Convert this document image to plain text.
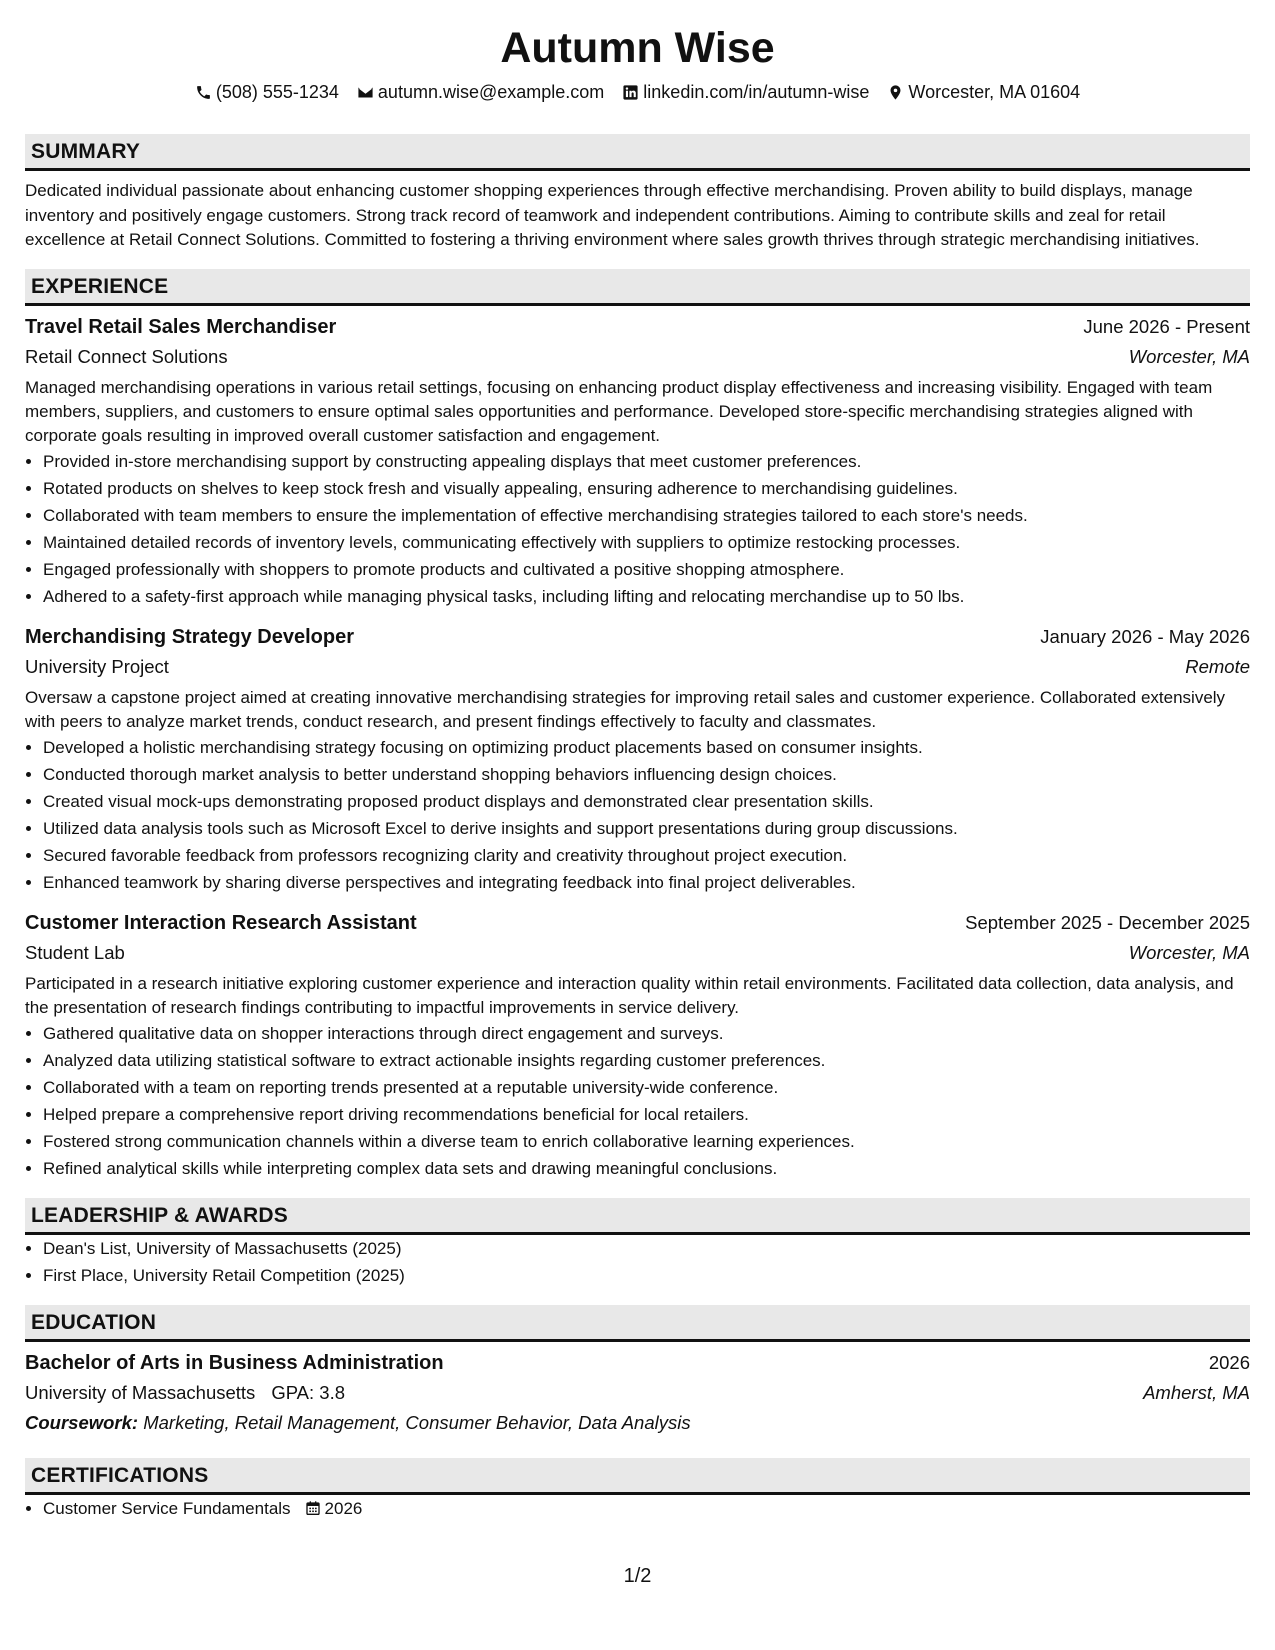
Autumn Wise
(508) 555-1234 autumn.wise@example.com linkedin.com/in/autumn-wise Worcester, MA 01604
SUMMARY

Dedicated individual passionate about enhancing customer shopping experiences through effective merchandising. Proven ability to build displays, manage inventory and positively engage customers. Strong track record of teamwork and independent contributions. Aiming to contribute skills and zeal for retail excellence at Retail Connect Solutions. Committed to fostering a thriving environment where sales growth thrives through strategic merchandising initiatives.

EXPERIENCE
Travel Retail Sales Merchandiser	June 2026 - Present
Retail Connect Solutions	Worcester, MA
Managed merchandising operations in various retail settings, focusing on enhancing product display effectiveness and increasing visibility. Engaged with team members, suppliers, and customers to ensure optimal sales opportunities and performance. Developed store-specific merchandising strategies aligned with corporate goals resulting in improved overall customer satisfaction and engagement.
• Provided in-store merchandising support by constructing appealing displays that meet customer preferences.
• Rotated products on shelves to keep stock fresh and visually appealing, ensuring adherence to merchandising guidelines.
• Collaborated with team members to ensure the implementation of effective merchandising strategies tailored to each store's needs.
• Maintained detailed records of inventory levels, communicating effectively with suppliers to optimize restocking processes.
• Engaged professionally with shoppers to promote products and cultivated a positive shopping atmosphere.
• Adhered to a safety-first approach while managing physical tasks, including lifting and relocating merchandise up to 50 lbs.
Merchandising Strategy Developer	January 2026 - May 2026
University Project	Remote
Oversaw a capstone project aimed at creating innovative merchandising strategies for improving retail sales and customer experience. Collaborated extensively with peers to analyze market trends, conduct research, and present findings effectively to faculty and classmates.
• Developed a holistic merchandising strategy focusing on optimizing product placements based on consumer insights.
• Conducted thorough market analysis to better understand shopping behaviors influencing design choices.
• Created visual mock-ups demonstrating proposed product displays and demonstrated clear presentation skills.
• Utilized data analysis tools such as Microsoft Excel to derive insights and support presentations during group discussions.
• Secured favorable feedback from professors recognizing clarity and creativity throughout project execution.
• Enhanced teamwork by sharing diverse perspectives and integrating feedback into final project deliverables.
Customer Interaction Research Assistant	September 2025 - December 2025
Student Lab	Worcester, MA
Participated in a research initiative exploring customer experience and interaction quality within retail environments. Facilitated data collection, data analysis, and the presentation of research findings contributing to impactful improvements in service delivery.
• Gathered qualitative data on shopper interactions through direct engagement and surveys.
• Analyzed data utilizing statistical software to extract actionable insights regarding customer preferences.
• Collaborated with a team on reporting trends presented at a reputable university-wide conference.
• Helped prepare a comprehensive report driving recommendations beneficial for local retailers.
• Fostered strong communication channels within a diverse team to enrich collaborative learning experiences.
• Refined analytical skills while interpreting complex data sets and drawing meaningful conclusions.
LEADERSHIP & AWARDS
• Dean's List, University of Massachusetts (2025)
• First Place, University Retail Competition (2025)
EDUCATION
Bachelor of Arts in Business Administration	2026
University of Massachusetts GPA: 3.8	Amherst, MA
Coursework: Marketing, Retail Management, Consumer Behavior, Data Analysis
CERTIFICATIONS
• Customer Service Fundamentals 2026
1/2
